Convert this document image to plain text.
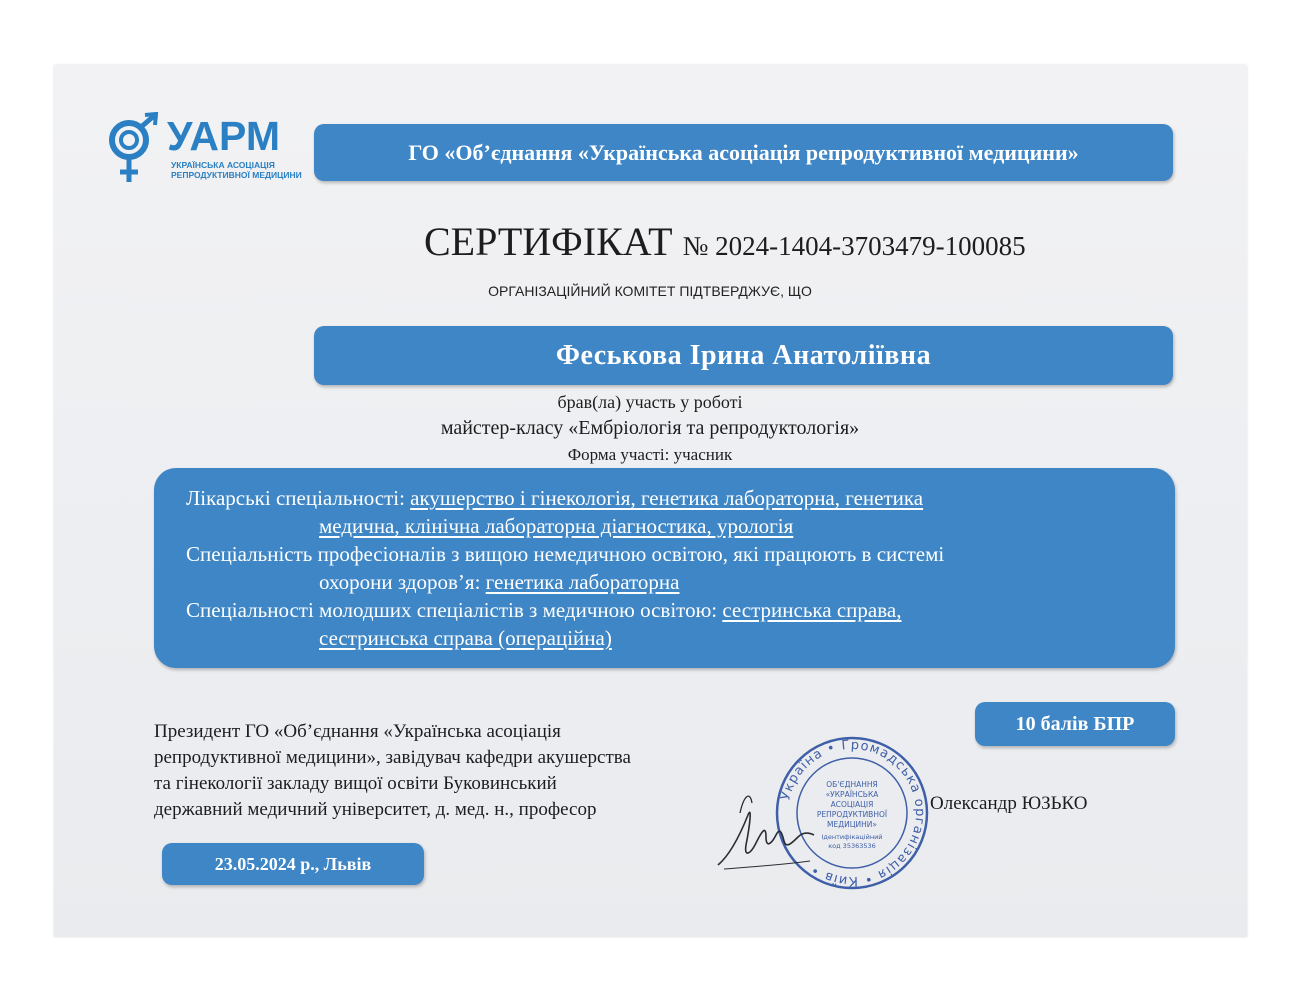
УАРМ
УКРАЇНСЬКА АСОЦІАЦІЯ
РЕПРОДУКТИВНОЇ МЕДИЦИНИ
ГО «Об’єднання «Українська асоціація репродуктивної медицини»
СЕРТИФІКАТ № 2024-1404-3703479-100085
ОРГАНІЗАЦІЙНИЙ КОМІТЕТ ПІДТВЕРДЖУЄ, ЩО
Феськова Ірина Анатоліївна
брав(ла) участь у роботі
майстер-класу «Ембріологія та репродуктологія»
Форма участі: учасник
Лікарські спеціальності: акушерство і гінекологія, генетика лабораторна, генетика
медична, клінічна лабораторна діагностика, урологія
Спеціальність професіоналів з вищою немедичною освітою, які працюють в системі
охорони здоров’я: генетика лабораторна
Спеціальності молодших спеціалістів з медичною освітою: сестринська справа,
сестринська справа (операційна)
10 балів БПР
Президент ГО «Об’єднання «Українська асоціація
репродуктивної медицини», завідувач кафедри акушерства
та гінекології закладу вищої освіти Буковинський
державний медичний університет, д. мед. н., професор
Україна • Громадська організація • Київ •
ОБ'ЄДНАННЯ
«УКРАЇНСЬКА
АСОЦІАЦІЯ
РЕПРОДУКТИВНОЇ
МЕДИЦИНИ»
Ідентифікаційний
код 35363536
Олександр ЮЗЬКО
23.05.2024 р., Львів
